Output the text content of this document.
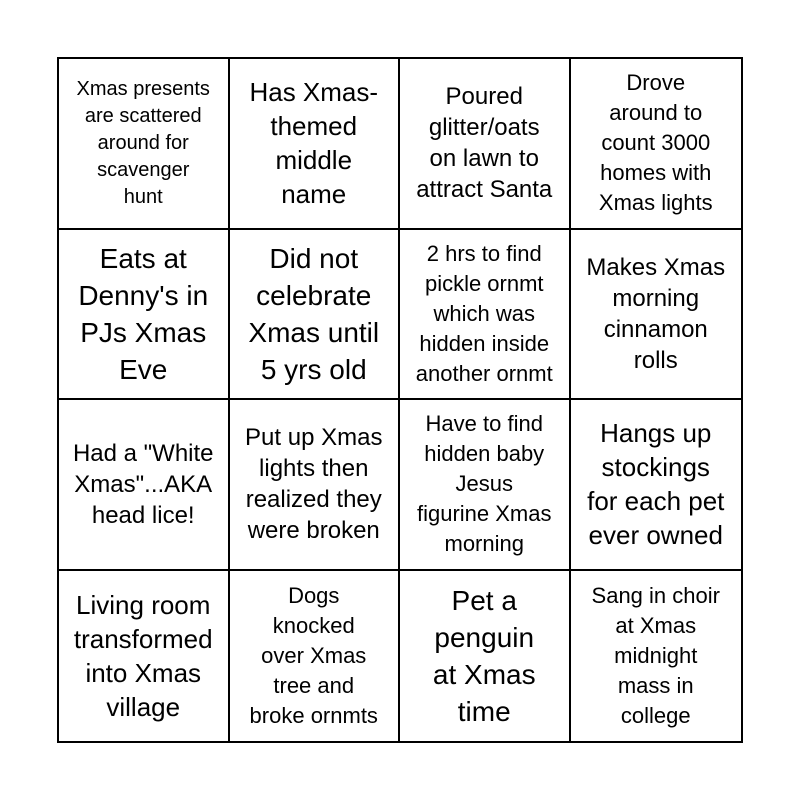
Xmas presents
are scattered
around for
scavenger
hunt
Has Xmas-
themed
middle
name
Poured
glitter/oats
on lawn to
attract Santa
Drove
around to
count 3000
homes with
Xmas lights
Eats at
Denny's in
PJs Xmas
Eve
Did not
celebrate
Xmas until
5 yrs old
2 hrs to find
pickle ornmt
which was
hidden inside
another ornmt
Makes Xmas
morning
cinnamon
rolls
Had a "White
Xmas"...AKA
head lice!
Put up Xmas
lights then
realized they
were broken
Have to find
hidden baby
Jesus
figurine Xmas
morning
Hangs up
stockings
for each pet
ever owned
Living room
transformed
into Xmas
village
Dogs
knocked
over Xmas
tree and
broke ornmts
Pet a
penguin
at Xmas
time
Sang in choir
at Xmas
midnight
mass in
college
